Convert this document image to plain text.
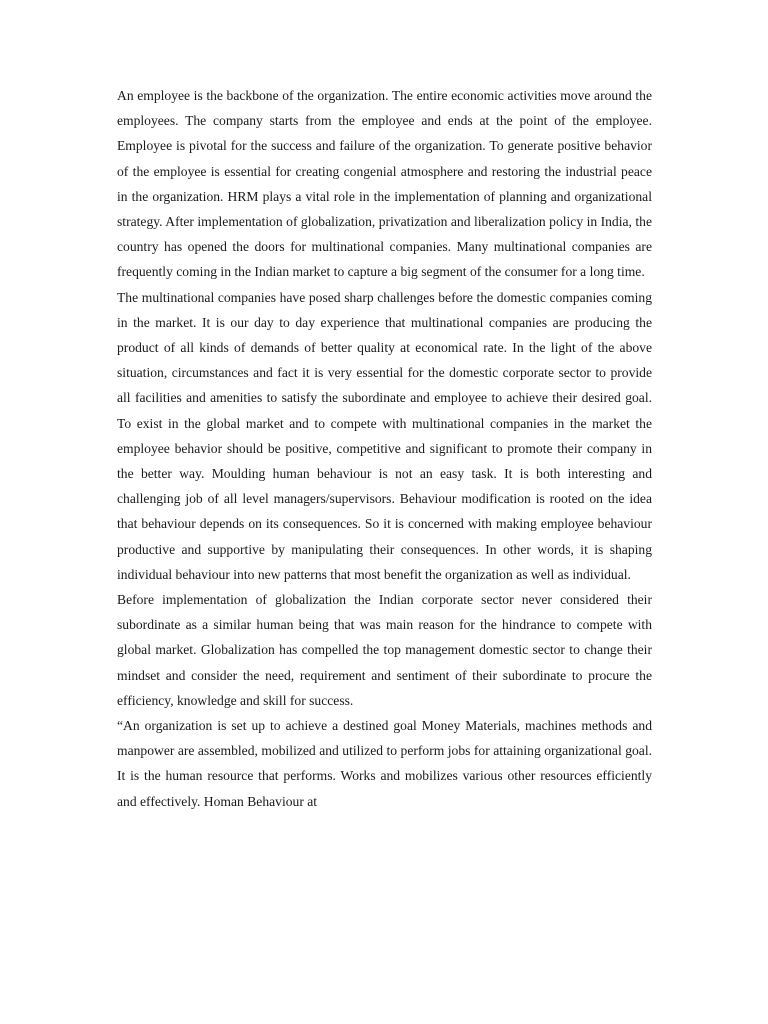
An employee is the backbone of the organization. The entire economic activities move around the employees. The company starts from the employee and ends at the point of the employee. Employee is pivotal for the success and failure of the organization. To generate positive behavior of the employee is essential for creating congenial atmosphere and restoring the industrial peace in the organization. HRM plays a vital role in the implementation of planning and organizational strategy. After implementation of globalization, privatization and liberalization policy in India, the country has opened the doors for multinational companies. Many multinational companies are frequently coming in the Indian market to capture a big segment of the consumer for a long time.

The multinational companies have posed sharp challenges before the domestic companies coming in the market. It is our day to day experience that multinational companies are producing the product of all kinds of demands of better quality at economical rate. In the light of the above situation, circumstances and fact it is very essential for the domestic corporate sector to provide all facilities and amenities to satisfy the subordinate and employee to achieve their desired goal. To exist in the global market and to compete with multinational companies in the market the employee behavior should be positive, competitive and significant to promote their company in the better way. Moulding human behaviour is not an easy task. It is both interesting and challenging job of all level managers/supervisors. Behaviour modification is rooted on the idea that behaviour depends on its consequences. So it is concerned with making employee behaviour productive and supportive by manipulating their consequences. In other words, it is shaping individual behaviour into new patterns that most benefit the organization as well as individual.

Before implementation of globalization the Indian corporate sector never considered their subordinate as a similar human being that was main reason for the hindrance to compete with global market. Globalization has compelled the top management domestic sector to change their mindset and consider the need, requirement and sentiment of their subordinate to procure the efficiency, knowledge and skill for success.

“An organization is set up to achieve a destined goal Money Materials, machines methods and manpower are assembled, mobilized and utilized to perform jobs for attaining organizational goal. It is the human resource that performs. Works and mobilizes various other resources efficiently and effectively. Homan Behaviour at
